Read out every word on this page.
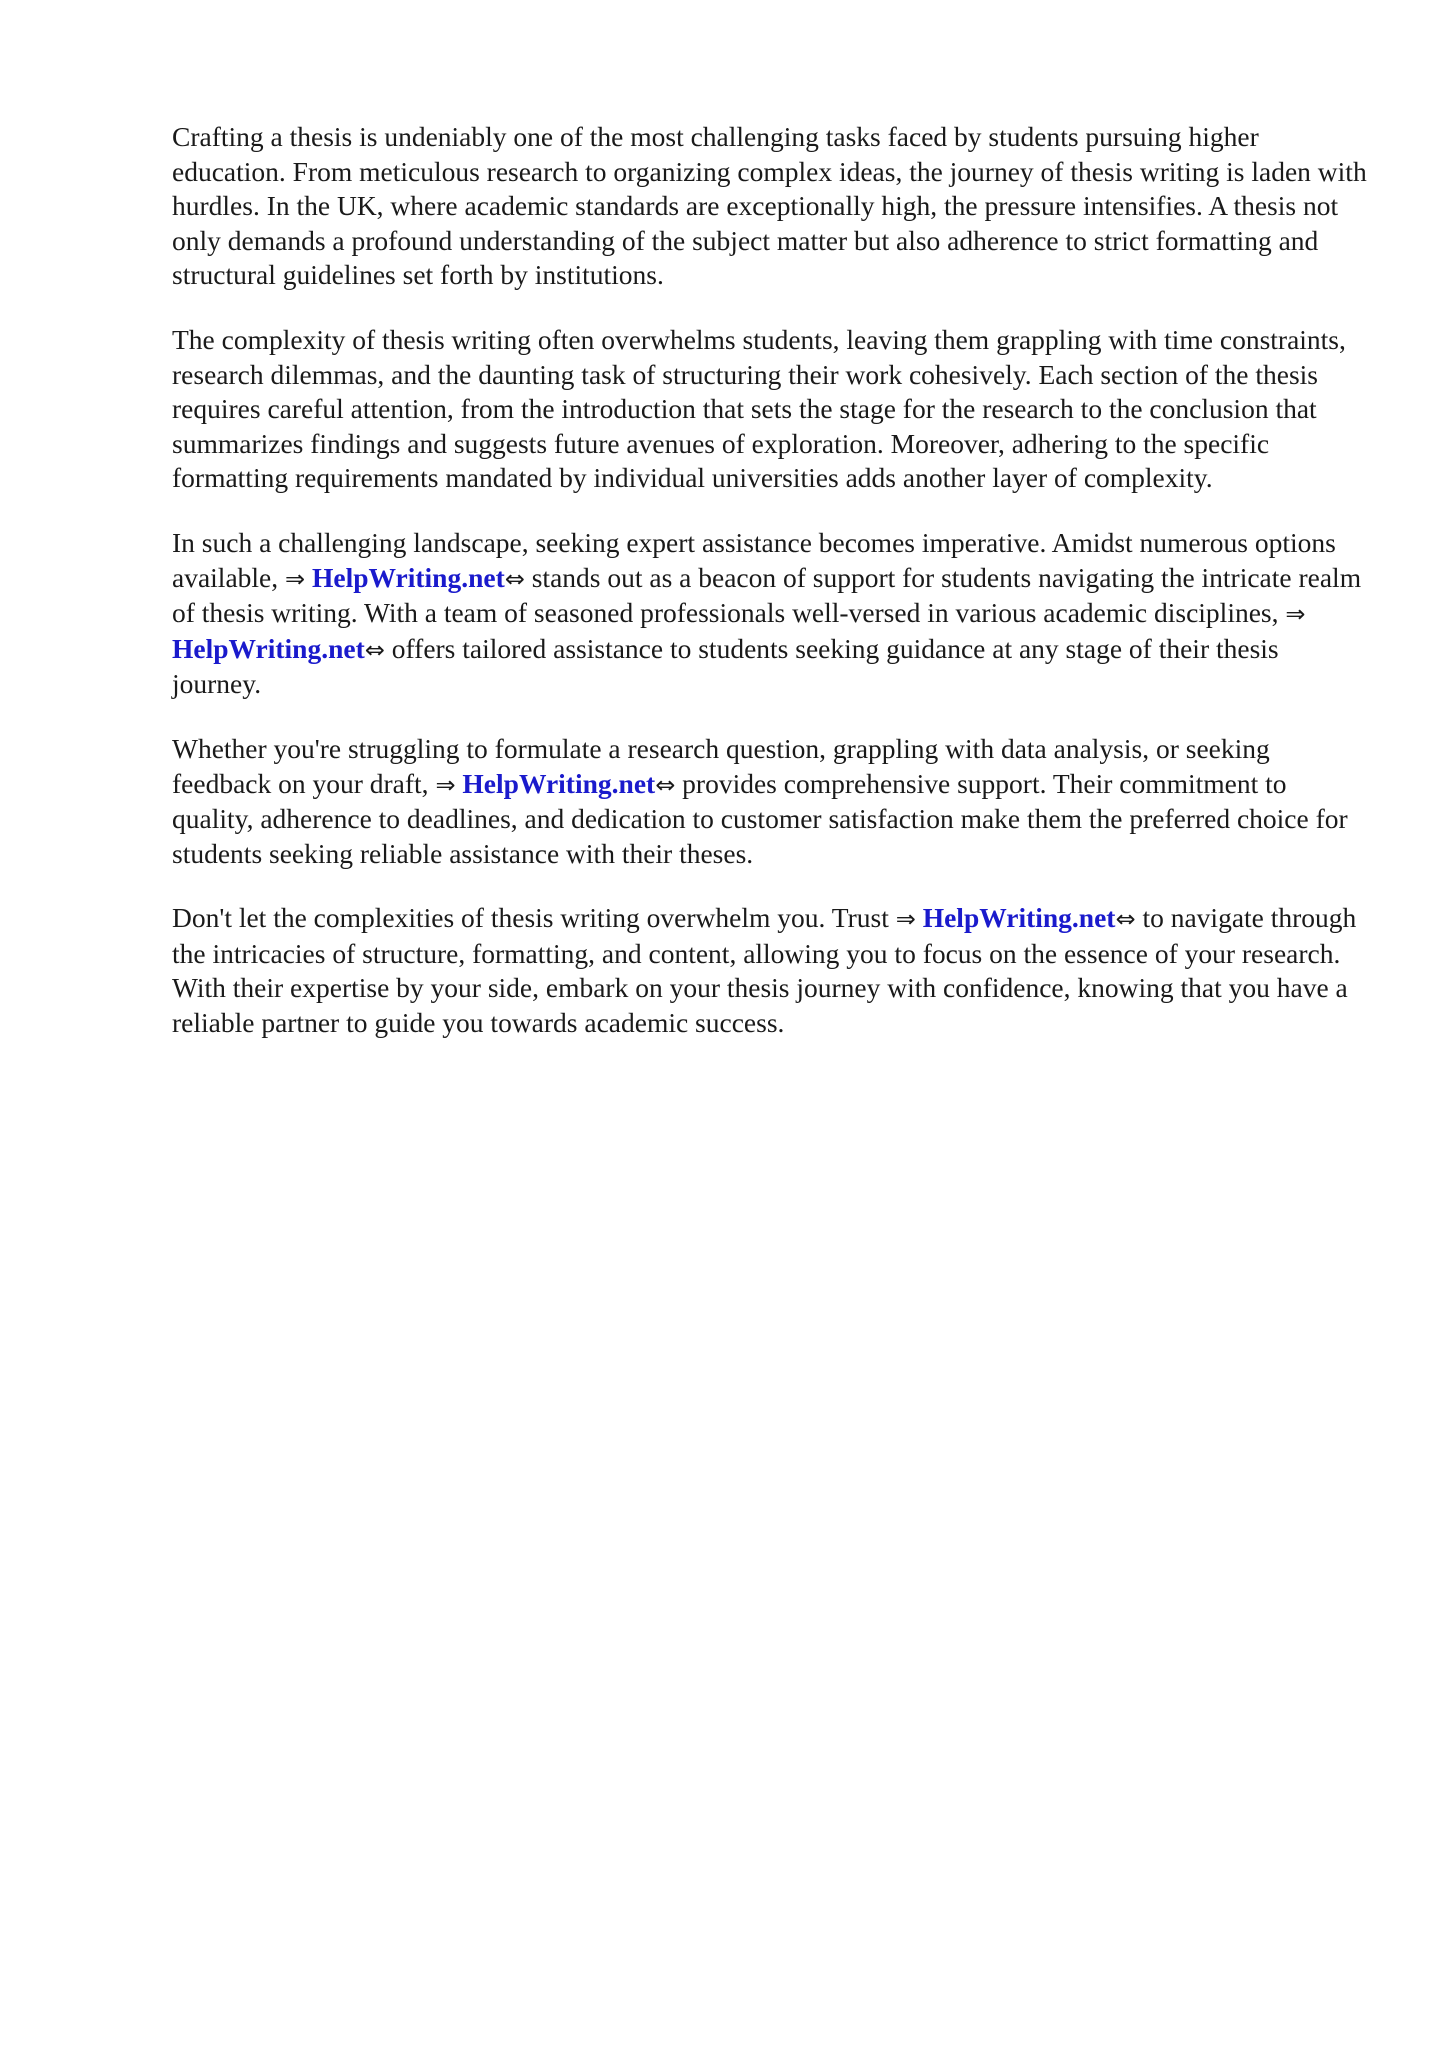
Crafting a thesis is undeniably one of the most challenging tasks faced by students pursuing higher education. From meticulous research to organizing complex ideas, the journey of thesis writing is laden with hurdles. In the UK, where academic standards are exceptionally high, the pressure intensifies. A thesis not only demands a profound understanding of the subject matter but also adherence to strict formatting and structural guidelines set forth by institutions.

The complexity of thesis writing often overwhelms students, leaving them grappling with time constraints, research dilemmas, and the daunting task of structuring their work cohesively. Each section of the thesis requires careful attention, from the introduction that sets the stage for the research to the conclusion that summarizes findings and suggests future avenues of exploration. Moreover, adhering to the specific formatting requirements mandated by individual universities adds another layer of complexity.

In such a challenging landscape, seeking expert assistance becomes imperative. Amidst numerous options available, ⇒ HelpWriting.net⇔ stands out as a beacon of support for students navigating the intricate realm of thesis writing. With a team of seasoned professionals well-versed in various academic disciplines, ⇒ HelpWriting.net⇔ offers tailored assistance to students seeking guidance at any stage of their thesis journey.

Whether you're struggling to formulate a research question, grappling with data analysis, or seeking feedback on your draft, ⇒ HelpWriting.net⇔ provides comprehensive support. Their commitment to quality, adherence to deadlines, and dedication to customer satisfaction make them the preferred choice for students seeking reliable assistance with their theses.

Don't let the complexities of thesis writing overwhelm you. Trust ⇒ HelpWriting.net⇔ to navigate through the intricacies of structure, formatting, and content, allowing you to focus on the essence of your research. With their expertise by your side, embark on your thesis journey with confidence, knowing that you have a reliable partner to guide you towards academic success.
